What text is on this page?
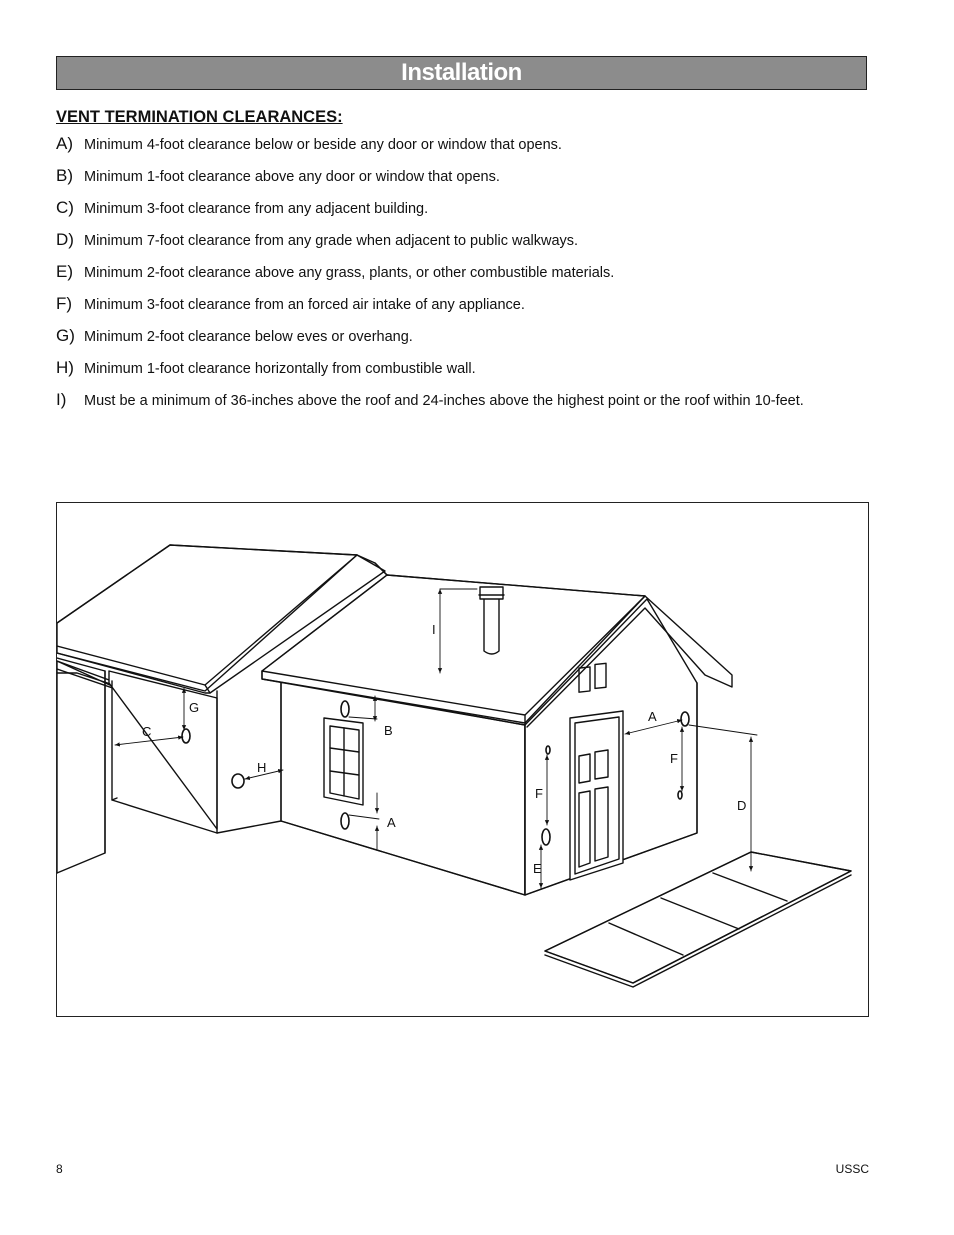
Installation
VENT TERMINATION CLEARANCES:
A) Minimum 4-foot clearance below or beside any door or window that opens.
B) Minimum 1-foot clearance above any door or window that opens.
C) Minimum 3-foot clearance from any adjacent building.
D) Minimum 7-foot clearance from any grade when adjacent to public walkways.
E) Minimum 2-foot clearance above any grass, plants, or other combustible materials.
F) Minimum 3-foot clearance from an forced air intake of any appliance.
G) Minimum 2-foot clearance below eves or overhang.
H) Minimum 1-foot clearance horizontally from combustible wall.
I) Must be a minimum of 36-inches above the roof and 24-inches above the highest point or the roof within 10-feet.
G
C
H
I
B
A
A
F
F
E
D
8	USSC
